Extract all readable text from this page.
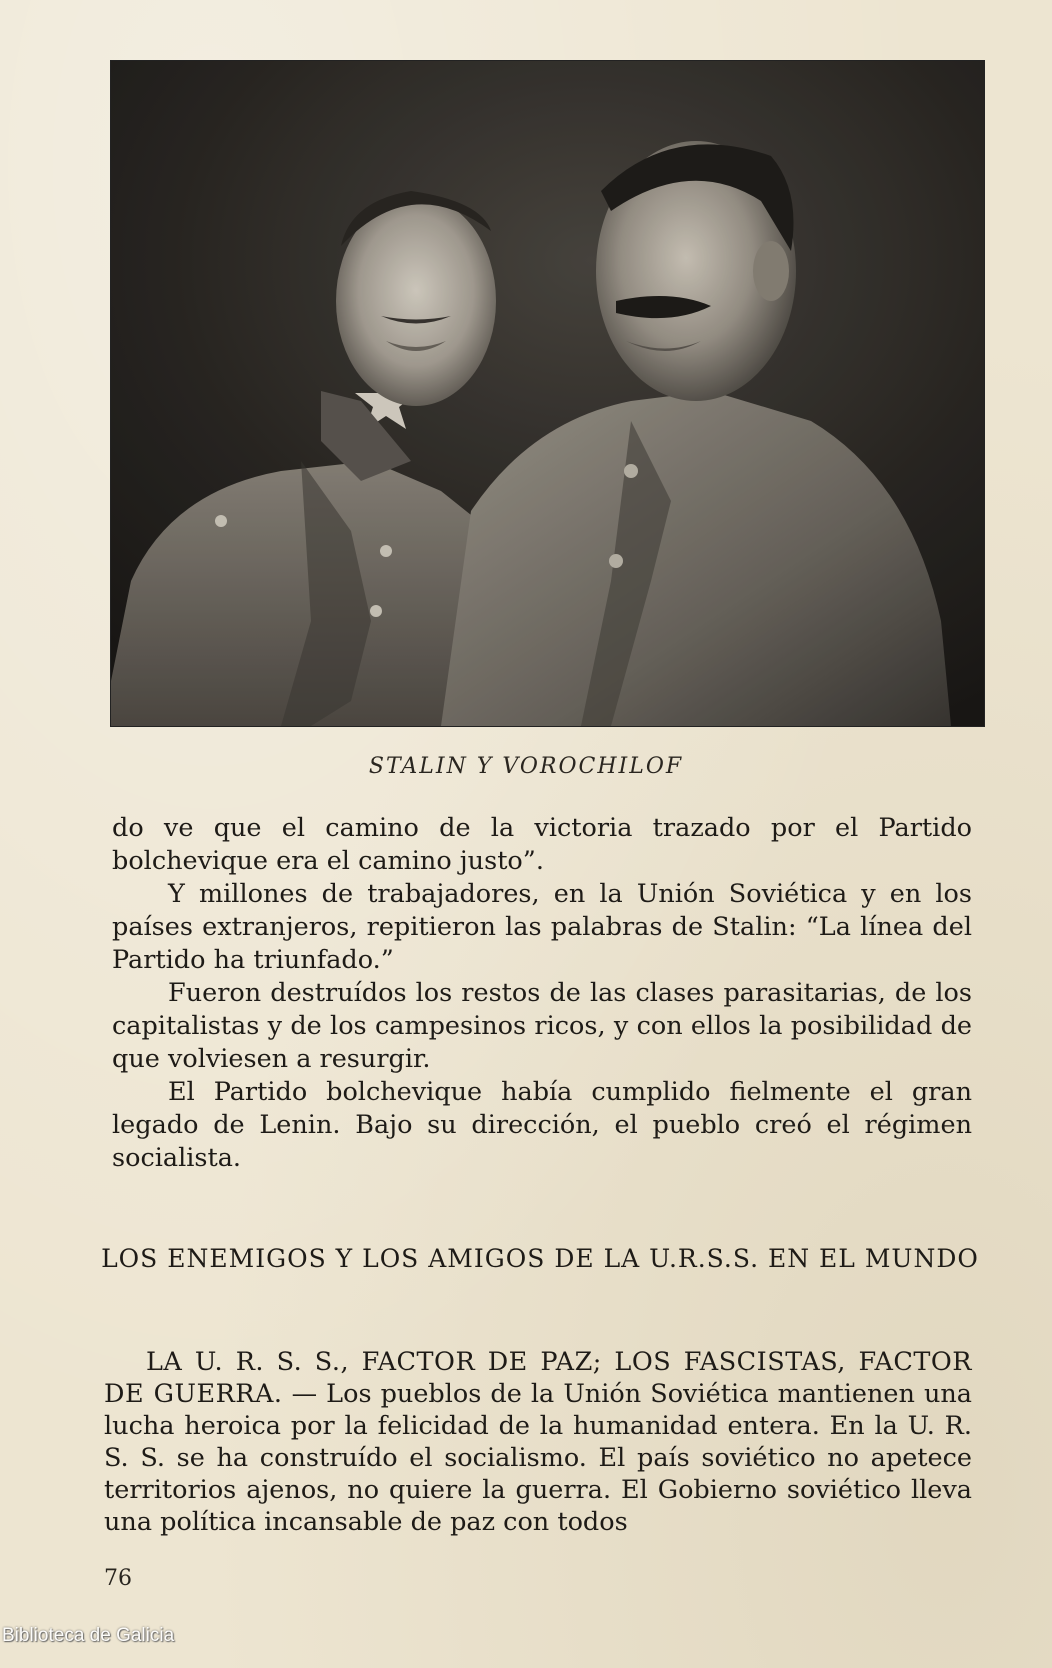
STALIN Y VOROCHILOF

do ve que el camino de la victoria trazado por el Partido bolchevique era el camino justo”.

Y millones de trabajadores, en la Unión Soviética y en los países extranjeros, repitieron las palabras de Stalin: “La línea del Partido ha triunfado.”

Fueron destruídos los restos de las clases parasitarias, de los capitalistas y de los campesinos ricos, y con ellos la posibilidad de que volviesen a resurgir.

El Partido bolchevique había cumplido fielmente el gran legado de Lenin. Bajo su dirección, el pueblo creó el régimen socialista.

LOS ENEMIGOS Y LOS AMIGOS DE LA U.R.S.S. EN EL MUNDO

LA U. R. S. S., FACTOR DE PAZ; LOS FASCISTAS, FACTOR DE GUERRA. — Los pueblos de la Unión Soviética mantienen una lucha heroica por la felicidad de la humanidad entera. En la U. R. S. S. se ha construído el socialismo. El país soviético no apetece territorios ajenos, no quiere la guerra. El Gobierno soviético lleva una política incansable de paz con todos

76
Biblioteca de Galicia
